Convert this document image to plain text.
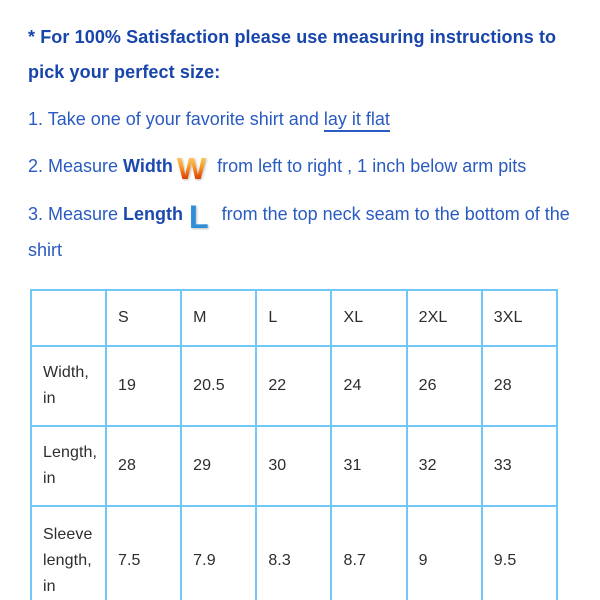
* For 100% Satisfaction please use measuring instructions to pick your perfect size:

1. Take one of your favorite shirt and lay it flat

2. Measure Width W from left to right , 1 inch below arm pits

3. Measure Length L from the top neck seam to the bottom of the shirt

	S	M	L	XL	2XL	3XL
Width, in	19	20.5	22	24	26	28
Length, in	28	29	30	31	32	33
Sleeve length, in	7.5	7.9	8.3	8.7	9	9.5
